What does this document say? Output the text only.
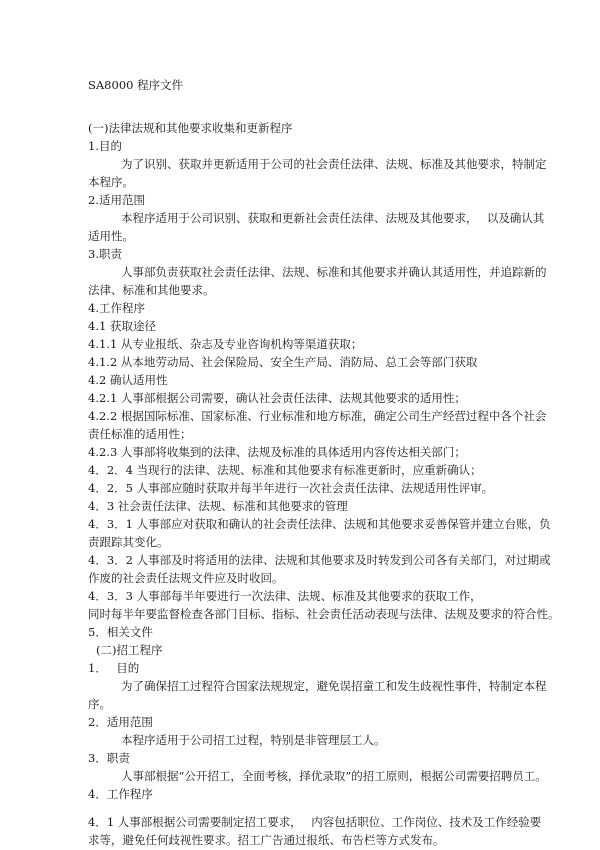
SA8000 程序文件
(一)法律法规和其他要求收集和更新程序
1.目的
为了识别、获取并更新适用于公司的社会责任法律、法规、标准及其他要求，特制定
本程序。
2.适用范围
本程序适用于公司识别、获取和更新社会责任法律、法规及其他要求，　 以及确认其
适用性。
3.职责
人事部负责获取社会责任法律、法规、标准和其他要求并确认其适用性，并追踪新的
法律、标准和其他要求。
4.工作程序
4.1 获取途径
4.1.1 从专业报纸、杂志及专业咨询机构等渠道获取；
4.1.2 从本地劳动局、社会保险局、安全生产局、消防局、总工会等部门获取
4.2 确认适用性
4.2.1 人事部根据公司需要，确认社会责任法律、法规其他要求的适用性；
4.2.2 根据国际标准、国家标准、行业标准和地方标准，确定公司生产经营过程中各个社会
责任标准的适用性；
4.2.3 人事部将收集到的法律、法规及标准的具体适用内容传达相关部门；
4．2．4 当现行的法律、法规、标准和其他要求有标准更新时，应重新确认；
4．2．5 人事部应随时获取并每半年进行一次社会责任法律、法规适用性评审。
4．3 社会责任法律、法规、标准和其他要求的管理
4．3．1 人事部应对获取和确认的社会责任法律、法规和其他要求妥善保管并建立台账，负
责跟踪其变化。
4．3．2 人事部及时将适用的法律、法规和其他要求及时转发到公司各有关部门，对过期或
作废的社会责任法规文件应及时收回。
4．3．3 人事部每半年要进行一次法律、法规、标准及其他要求的获取工作，
同时每半年要监督检查各部门目标、指标、社会责任活动表现与法律、法规及要求的符合性。
5．相关文件
(二)招工程序
1．　 目的
为了确保招工过程符合国家法规规定，避免误招童工和发生歧视性事件，特制定本程
序。
2．适用范围
本程序适用于公司招工过程，特别是非管理层工人。
3．职责
人事部根据“公开招工，全面考核，择优录取”的招工原则，根据公司需要招聘员工。
4．工作程序
4．1 人事部根据公司需要制定招工要求，　 内容包括职位、工作岗位、技术及工作经验要
求等，避免任何歧视性要求。招工广告通过报纸、布告栏等方式发布。
